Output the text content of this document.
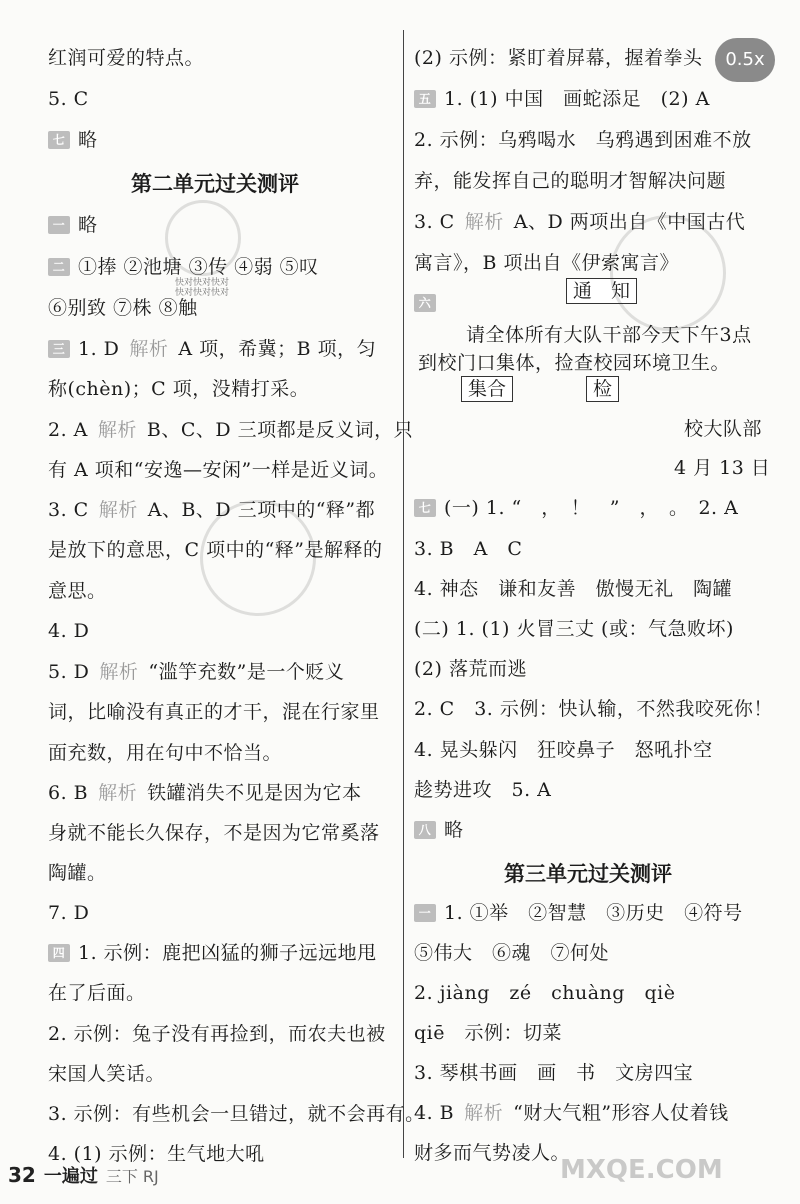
0.5x
红润可爱的特点。
5. C
七 略
第二单元过关测评
一 略
二 ①捧 ②池塘 ③传 ④弱 ⑤叹
⑥别致 ⑦株 ⑧触
三 1. D 解析 A 项，希冀；B 项，匀
称(chèn)；C 项，没精打采。
2. A 解析 B、C、D 三项都是反义词，只
有 A 项和“安逸—安闲”一样是近义词。
3. C 解析 A、B、D 三项中的“释”都
是放下的意思，C 项中的“释”是解释的
意思。
4. D
5. D 解析 “滥竽充数”是一个贬义
词，比喻没有真正的才干，混在行家里
面充数，用在句中不恰当。
6. B 解析 铁罐消失不见是因为它本
身就不能长久保存，不是因为它常奚落
陶罐。
7. D
四 1. 示例：鹿把凶猛的狮子远远地甩
在了后面。
2. 示例：兔子没有再捡到，而农夫也被
宋国人笑话。
3. 示例：有些机会一旦错过，就不会再有。
4. (1) 示例：生气地大吼
(2) 示例：紧盯着屏幕，握着拳头
五 1. (1) 中国　画蛇添足　(2) A
2. 示例：乌鸦喝水　乌鸦遇到困难不放
弃，能发挥自己的聪明才智解决问题
3. C 解析 A、D 两项出自《中国古代
寓言》，B 项出自《伊索寓言》
六
通　知
请全体所有大队干部今天下午3点
到校门口集体，捡查校园环境卫生。
集合	检
校大队部
4 月 13 日
七 (一) 1. “　，　！　”　，　。　2. A
3. B　A　C
4. 神态　谦和友善　傲慢无礼　陶罐
(二) 1. (1) 火冒三丈 (或：气急败坏)
(2) 落荒而逃
2. C　3. 示例：快认输，不然我咬死你！
4. 晃头躲闪　狂咬鼻子　怒吼扑空
趁势进攻　5. A
八 略
第三单元过关测评
一 1. ①举　②智慧　③历史　④符号
⑤伟大　⑥魂　⑦何处
2. jiàng　zé　chuàng　qiè
qiē　示例：切菜
3. 琴棋书画　画　书　文房四宝
4. B 解析 “财大气粗”形容人仗着钱
财多而气势凌人。
快对快对快对
快对快对快对
MXQE.COM
32 一遍过 三下 RJ
